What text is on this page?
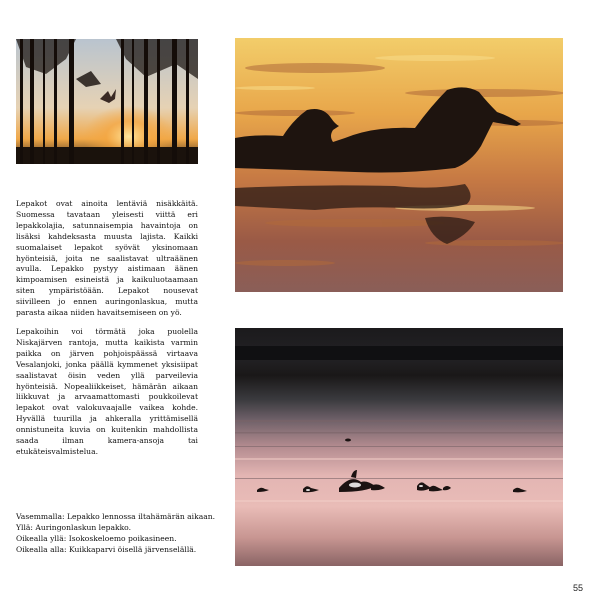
Lepakot ovat ainoita lentäviä nisäkkäitä. Suomessa tavataan yleisesti viittä eri lepakkolajia, satunnaisempia havaintoja on lisäksi kahdeksasta muusta lajista. Kaikki suomalaiset lepakot syövät yksinomaan hyönteisiä, joita ne saalistavat ultraäänen avulla. Lepakko pystyy aistimaan äänen kimpoamisen esineistä ja kaikuluotaamaan siten ympäristöään. Lepakot nousevat siivilleen jo ennen auringonlaskua, mutta parasta aikaa niiden havaitsemiseen on yö.
Lepakoihin voi törmätä joka puolella Niskajärven rantoja, mutta kaikista varmin paikka on järven pohjoispäässä virtaava Vesalanjoki, jonka päällä kymmenet yksisiipat saalistavat öisin veden yllä parveilevia hyönteisiä. Nopealiikkeiset, hämärän aikaan liikkuvat ja arvaamattomasti poukkoilevat lepakot ovat valokuvaajalle vaikea kohde. Hyvällä tuurilla ja ahkeralla yrittämisellä onnistuneita kuvia on kuitenkin mahdollista saada ilman kamera-ansoja tai etukäteisvalmistelua.
Vasemmalla: Lepakko lennossa iltahämärän aikaan.
Yllä: Auringonlaskun lepakko.
Oikealla yllä: Isokoskeloemo poikasineen.
Oikealla alla: Kuikkaparvi öisellä järvenselällä.
55
